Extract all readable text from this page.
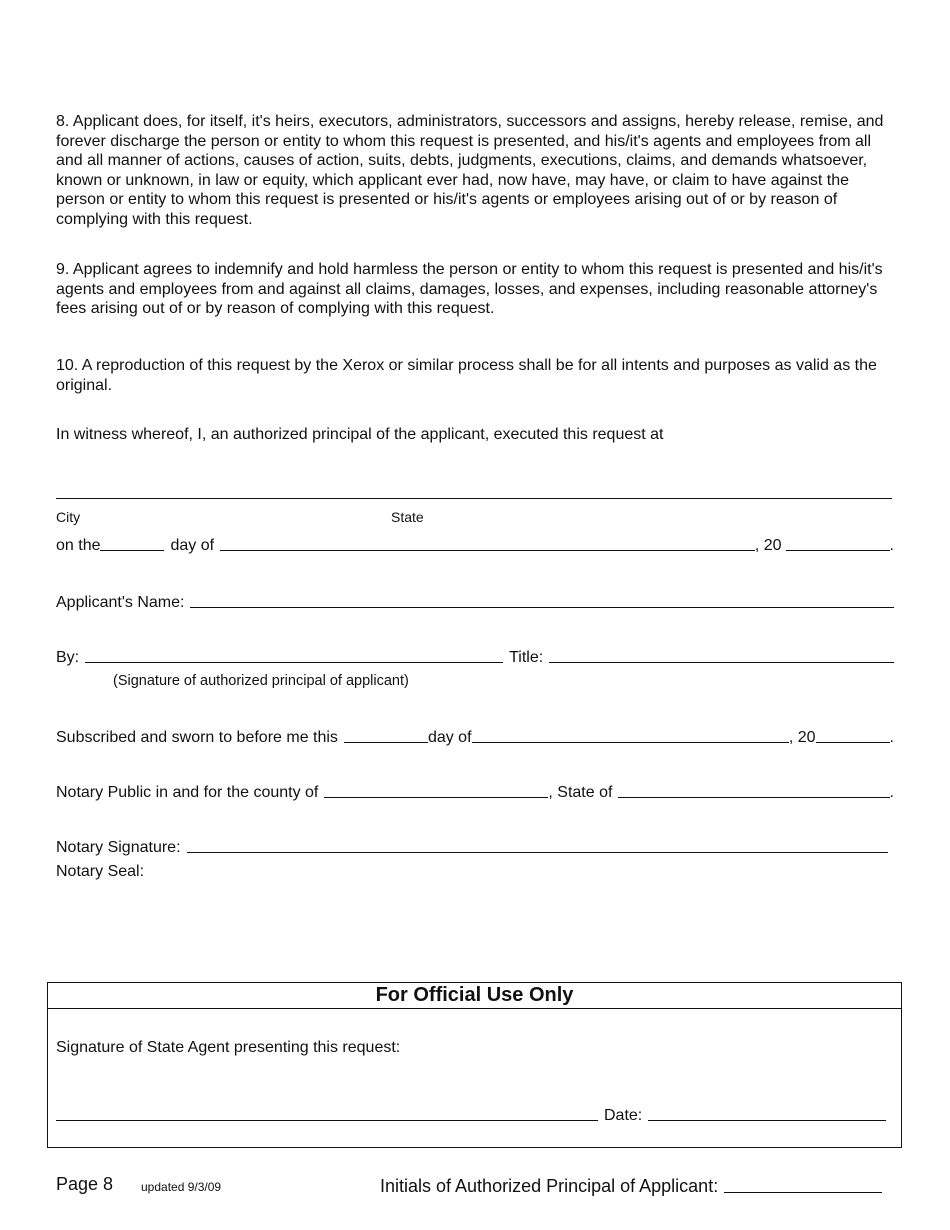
8. Applicant does, for itself, it's heirs, executors, administrators, successors and assigns, hereby release, remise, and forever discharge the person or entity to whom this request is presented, and his/it's agents and employees from all and all manner of actions, causes of action, suits, debts, judgments, executions, claims, and demands whatsoever, known or unknown, in law or equity, which applicant ever had, now have, may have, or claim to have against the person or entity to whom this request is presented or his/it's agents or employees arising out of or by reason of complying with this request.

9. Applicant agrees to indemnify and hold harmless the person or entity to whom this request is presented and his/it's agents and employees from and against all claims, damages, losses, and expenses, including reasonable attorney's fees arising out of or by reason of complying with this request.

10. A reproduction of this request by the Xerox or similar process shall be for all intents and purposes as valid as the original.

In witness whereof, I, an authorized principal of the applicant, executed this request at

City	State
on the	day of	, 20	.
Applicant's Name:
By:	Title:
(Signature of authorized principal of applicant)
Subscribed and sworn to before me this	day of	, 20	.
Notary Public in and for the county of	, State of	.
Notary Signature:
Notary Seal:
For Official Use Only
Signature of State Agent presenting this request:
Date:
Page 8 updated 9/3/09	Initials of Authorized Principal of Applicant:
